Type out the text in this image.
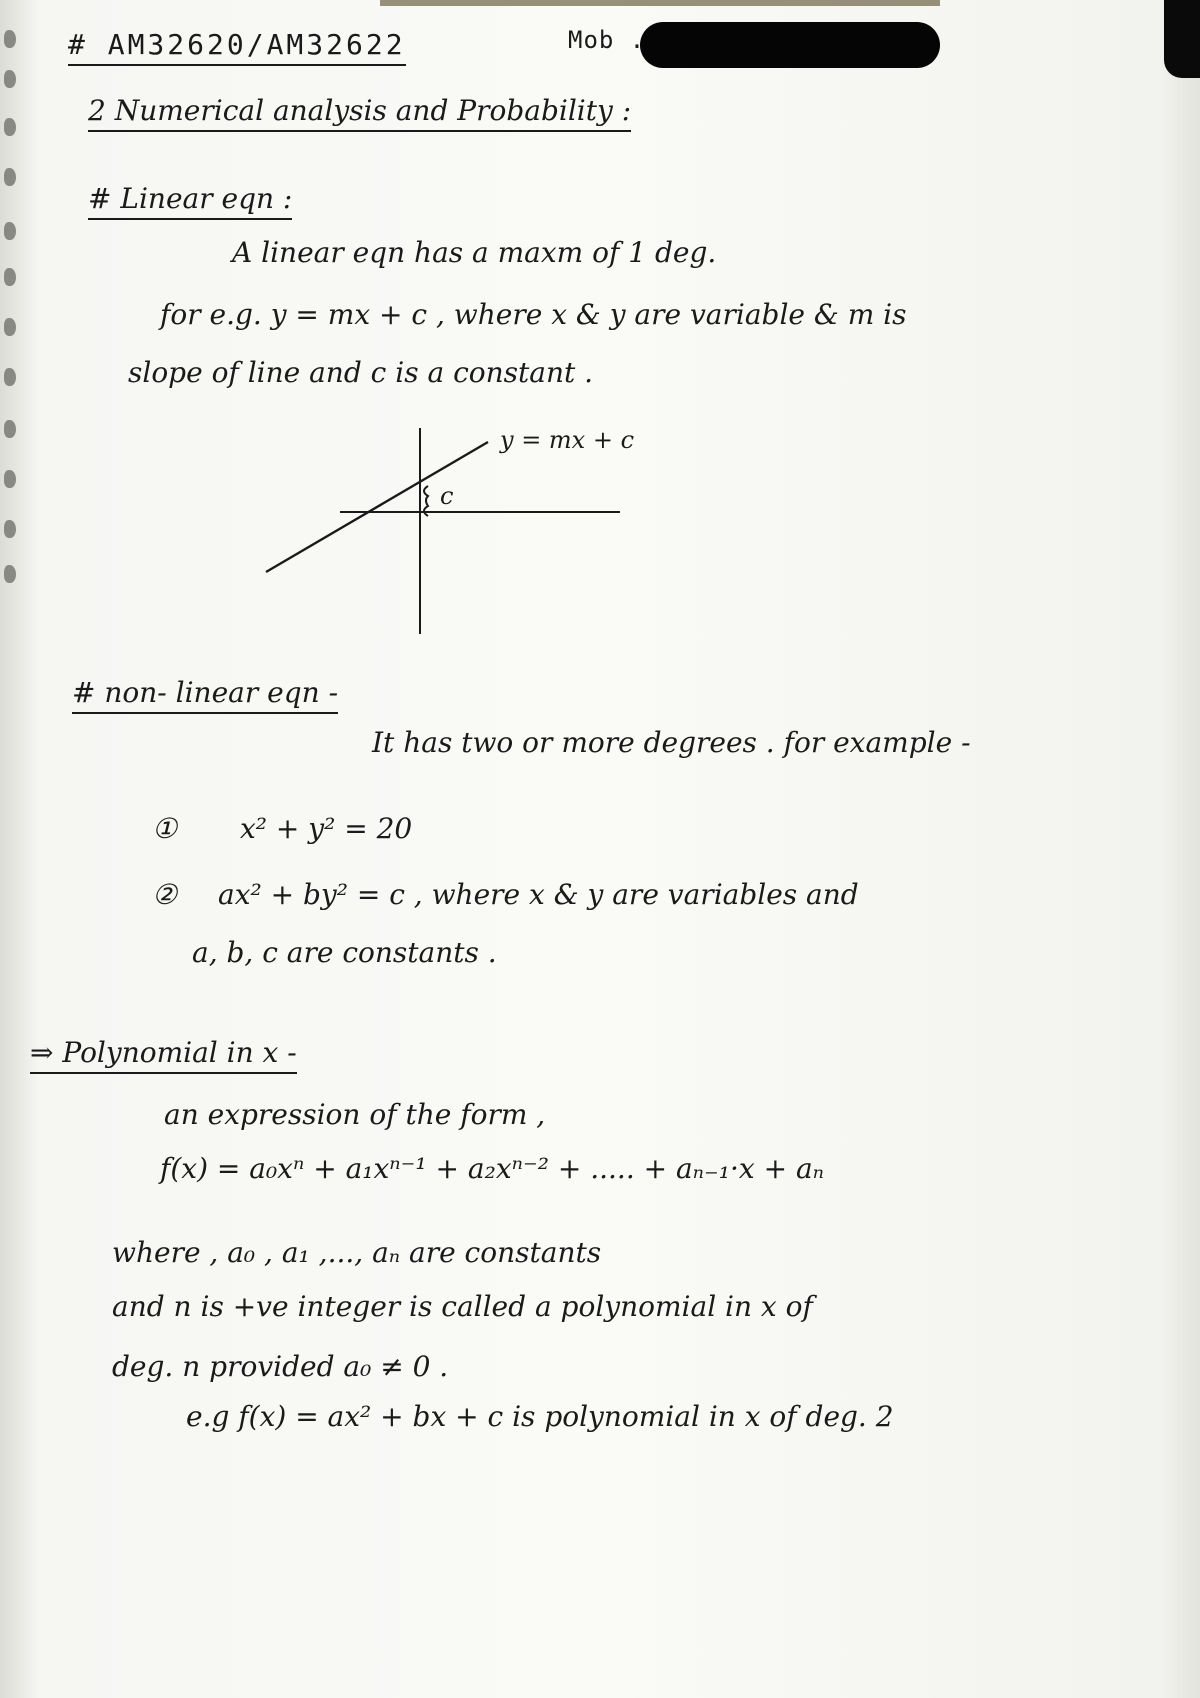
# AM32620/AM32622	Mob .
2 Numerical analysis and Probability :
# Linear eqn :
A linear eqn has a maxm of 1 deg.
for e.g. y = mx + c , where x & y are variable & m is
slope of line and c is a constant .
y = mx + c
c
# non- linear eqn -
It has two or more degrees . for example -
① x² + y² = 20
② ax² + by² = c , where x & y are variables and
a, b, c are constants .
⇒ Polynomial in x -
an expression of the form ,
f(x) = a₀xⁿ + a₁xⁿ⁻¹ + a₂xⁿ⁻² + ..... + aₙ₋₁·x + aₙ
where , a₀ , a₁ ,..., aₙ are constants
and n is +ve integer is called a polynomial in x of
deg. n provided a₀ ≠ 0 .
e.g f(x) = ax² + bx + c is polynomial in x of deg. 2
